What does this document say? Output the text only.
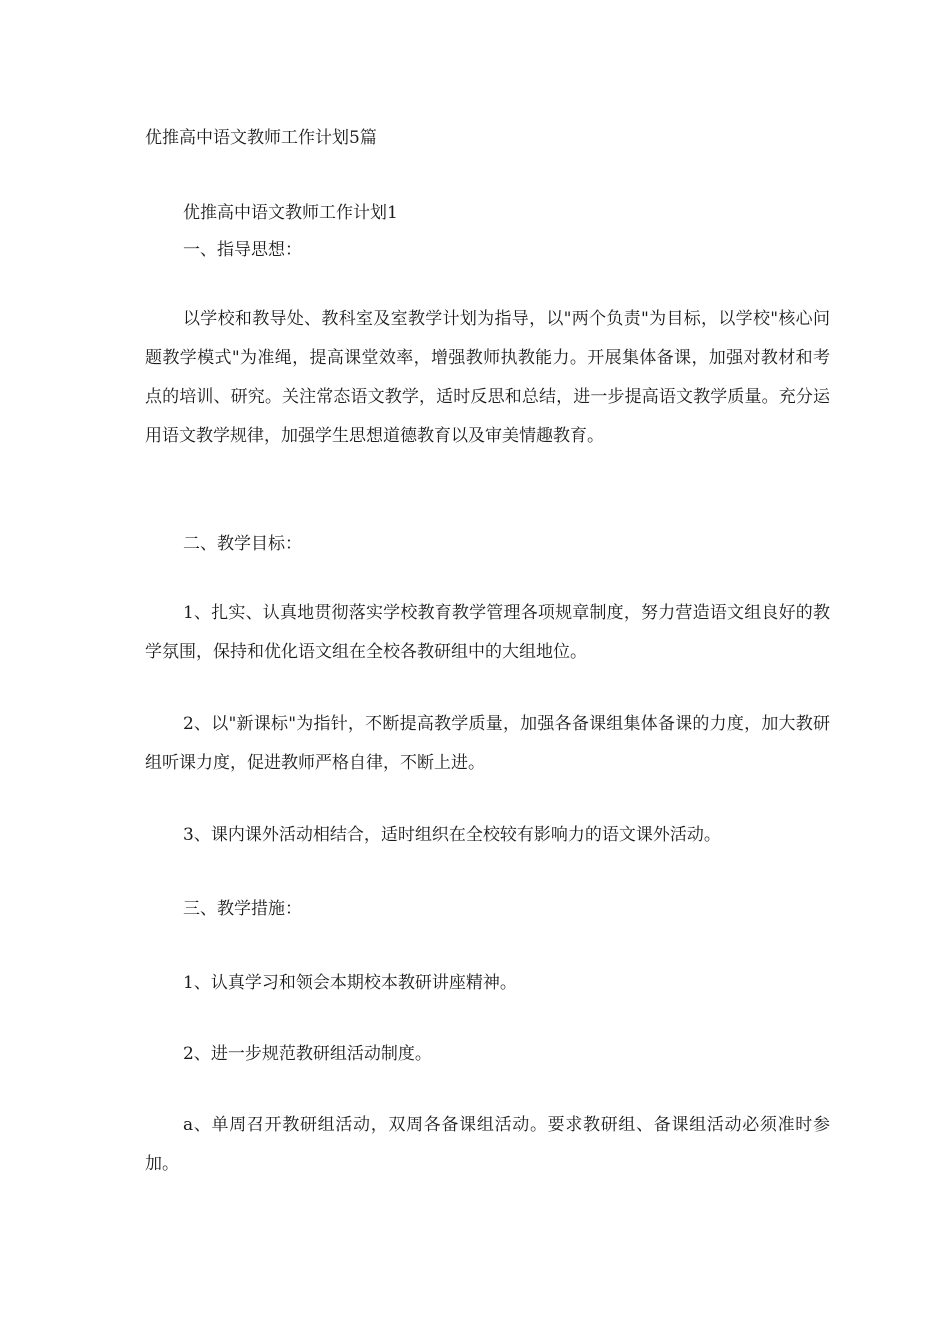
优推高中语文教师工作计划5篇

优推高中语文教师工作计划1

一、指导思想：

以学校和教导处、教科室及室教学计划为指导，以"两个负责"为目标，以学校"核心问题教学模式"为准绳，提高课堂效率，增强教师执教能力。开展集体备课，加强对教材和考点的培训、研究。关注常态语文教学，适时反思和总结，进一步提高语文教学质量。充分运用语文教学规律，加强学生思想道德教育以及审美情趣教育。

二、教学目标：

1、扎实、认真地贯彻落实学校教育教学管理各项规章制度，努力营造语文组良好的教学氛围，保持和优化语文组在全校各教研组中的大组地位。

2、以"新课标"为指针，不断提高教学质量，加强各备课组集体备课的力度，加大教研组听课力度，促进教师严格自律，不断上进。

3、课内课外活动相结合，适时组织在全校较有影响力的语文课外活动。

三、教学措施：

1、认真学习和领会本期校本教研讲座精神。

2、进一步规范教研组活动制度。

a、单周召开教研组活动，双周各备课组活动。要求教研组、备课组活动必须准时参加。
